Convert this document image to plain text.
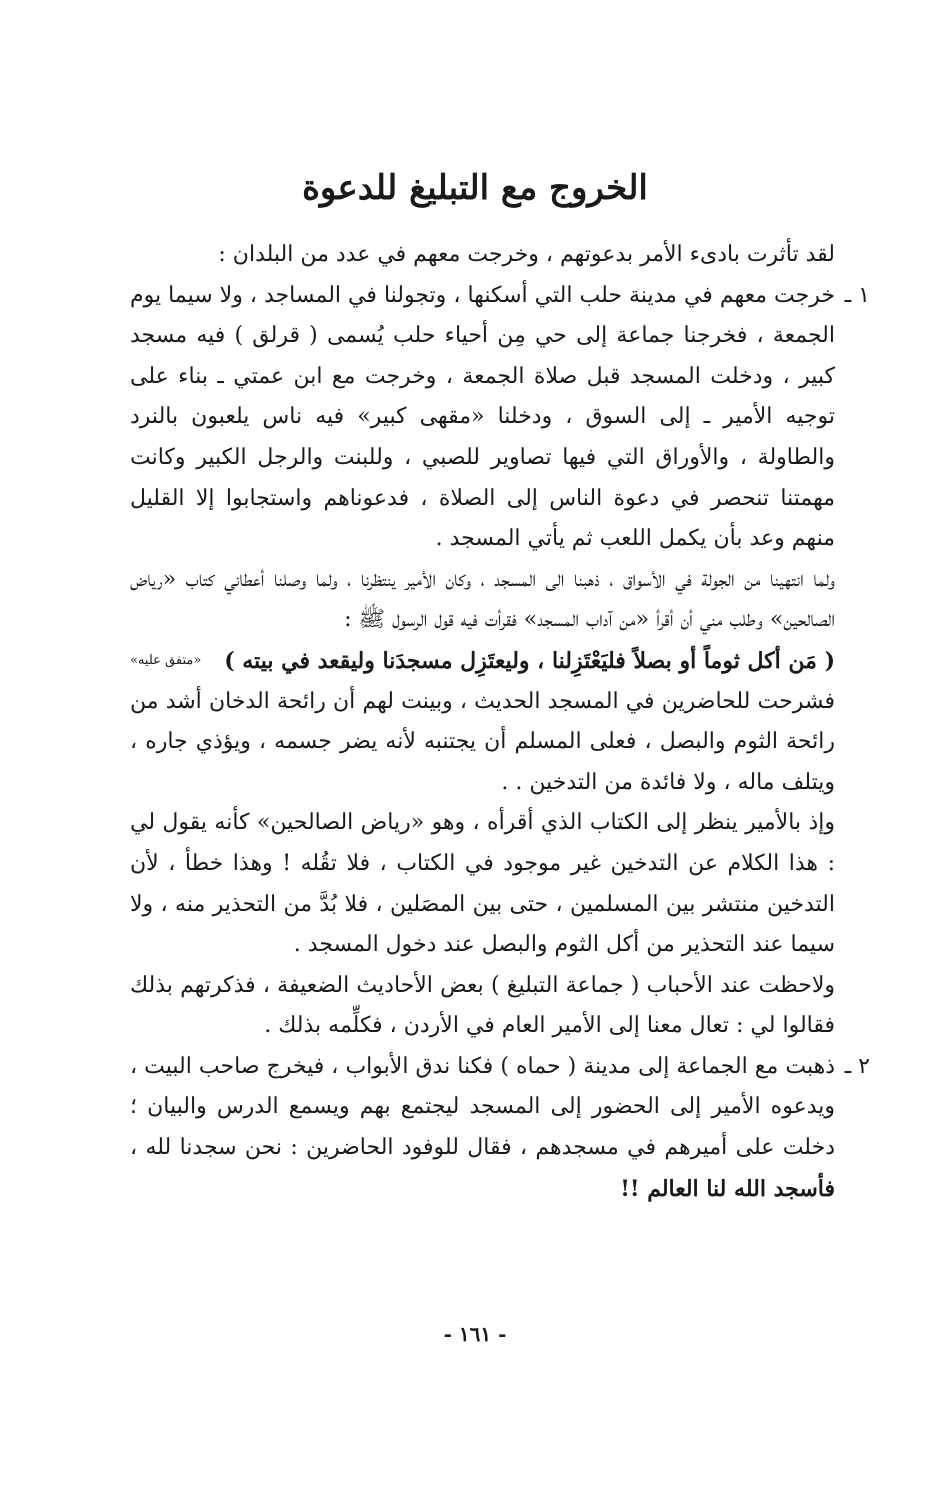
الخروج مع التبليغ للدعوة

لقد تأثرت بادىء الأمر بدعوتهم ، وخرجت معهم في عدد من البلدان :

١ ـ

خرجت معهم في مدينة حلب التي أسكنها ، وتجولنا في المساجد ، ولا سيما يوم الجمعة ، فخرجنا جماعة إلى حي مِن أحياء حلب يُسمى ( قرلق ) فيه مسجد كبير ، ودخلت المسجد قبل صلاة الجمعة ، وخرجت مع ابن عمتي ـ بناء على توجيه الأمير ـ إلى السوق ، ودخلنا «مقهى كبير» فيه ناس يلعبون بالنرد والطاولة ، والأوراق التي فيها تصاوير للصبي ، وللبنت والرجل الكبير وكانت مهمتنا تنحصر في دعوة الناس إلى الصلاة ، فدعوناهم واستجابوا إلا القليل منهم وعد بأن يكمل اللعب ثم يأتي المسجد .

ولما انتهينا من الجولة في الأسواق ، ذهبنا الى المسجد ، وكان الأمير ينتظرنا ، ولما وصلنا أعطاني كتاب «رياض الصالحين» وطلب مني أن أقرأ «من آداب المسجد» فقرأت فيه قول الرسول ﷺ :

( مَن أكل ثوماً أو بصلاً فليَعْتَزِلنا ، وليعتَزِل مسجدَنا وليقعد في بيته )
«متفق عليه»

فشرحت للحاضرين في المسجد الحديث ، وبينت لهم أن رائحة الدخان أشد من رائحة الثوم والبصل ، فعلى المسلم أن يجتنبه لأنه يضر جسمه ، ويؤذي جاره ، ويتلف ماله ، ولا فائدة من التدخين . .

وإذ بالأمير ينظر إلى الكتاب الذي أقرأه ، وهو «رياض الصالحين» كأنه يقول لي : هذا الكلام عن التدخين غير موجود في الكتاب ، فلا تقُله ! وهذا خطأ ، لأن التدخين منتشر بين المسلمين ، حتى بين المصَلين ، فلا بُدَّ من التحذير منه ، ولا سيما عند التحذير من أكل الثوم والبصل عند دخول المسجد .

ولاحظت عند الأحباب ( جماعة التبليغ ) بعض الأحاديث الضعيفة ، فذكرتهم بذلك فقالوا لي : تعال معنا إلى الأمير العام في الأردن ، فكلِّمه بذلك .

٢ ـ

ذهبت مع الجماعة إلى مدينة ( حماه ) فكنا ندق الأبواب ، فيخرج صاحب البيت ، ويدعوه الأمير إلى الحضور إلى المسجد ليجتمع بهم ويسمع الدرس والبيان ؛ دخلت على أميرهم في مسجدهم ، فقال للوفود الحاضرين : نحن سجدنا لله ، فأسجد الله لنا العالم !!

- ١٦١ -
